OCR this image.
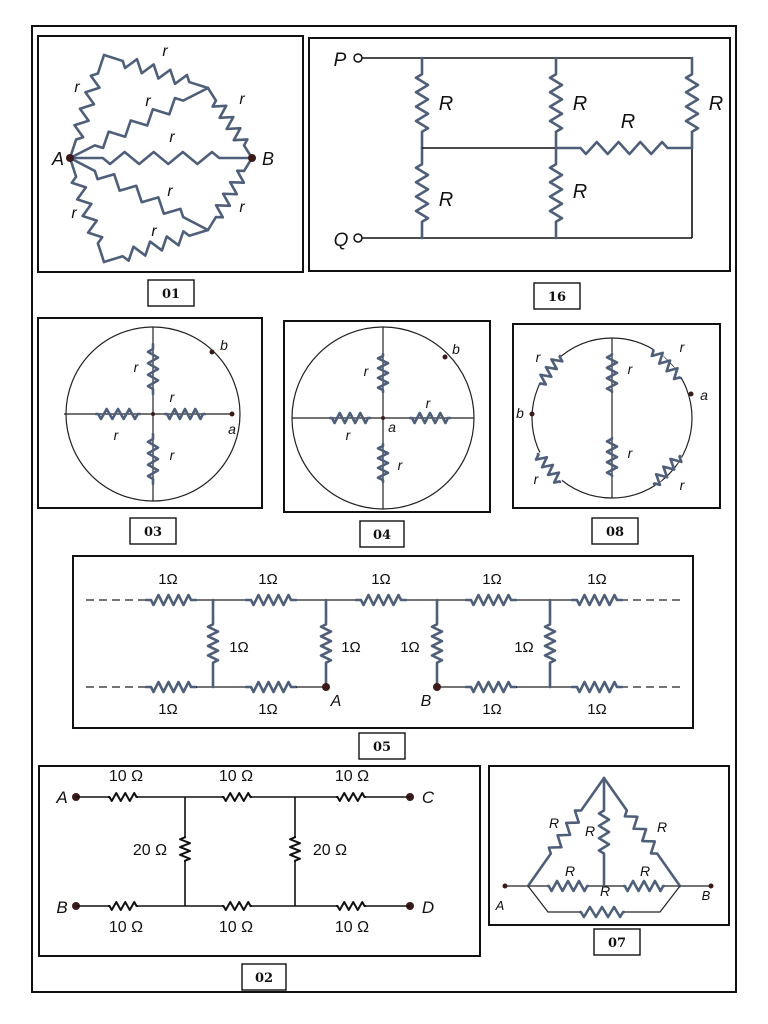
A	B
r
r
r	r
r
r
r
r
r
01
P
Q
R
R
R
R
R
R
16
a
b
r
r
r
r
03
a
b
r
r
r
r
04
b
a
r
r
r
r
r	r
08
A	B
1Ω	1Ω	1Ω	1Ω	1Ω
1Ω	1Ω	1Ω	1Ω
1Ω	1Ω	1Ω	1Ω
05
A
B
C
D
10 Ω	10 Ω	10 Ω
10 Ω	10 Ω	10 Ω
20 Ω	20 Ω
02
A
B
R R	R
R	R
R
07
